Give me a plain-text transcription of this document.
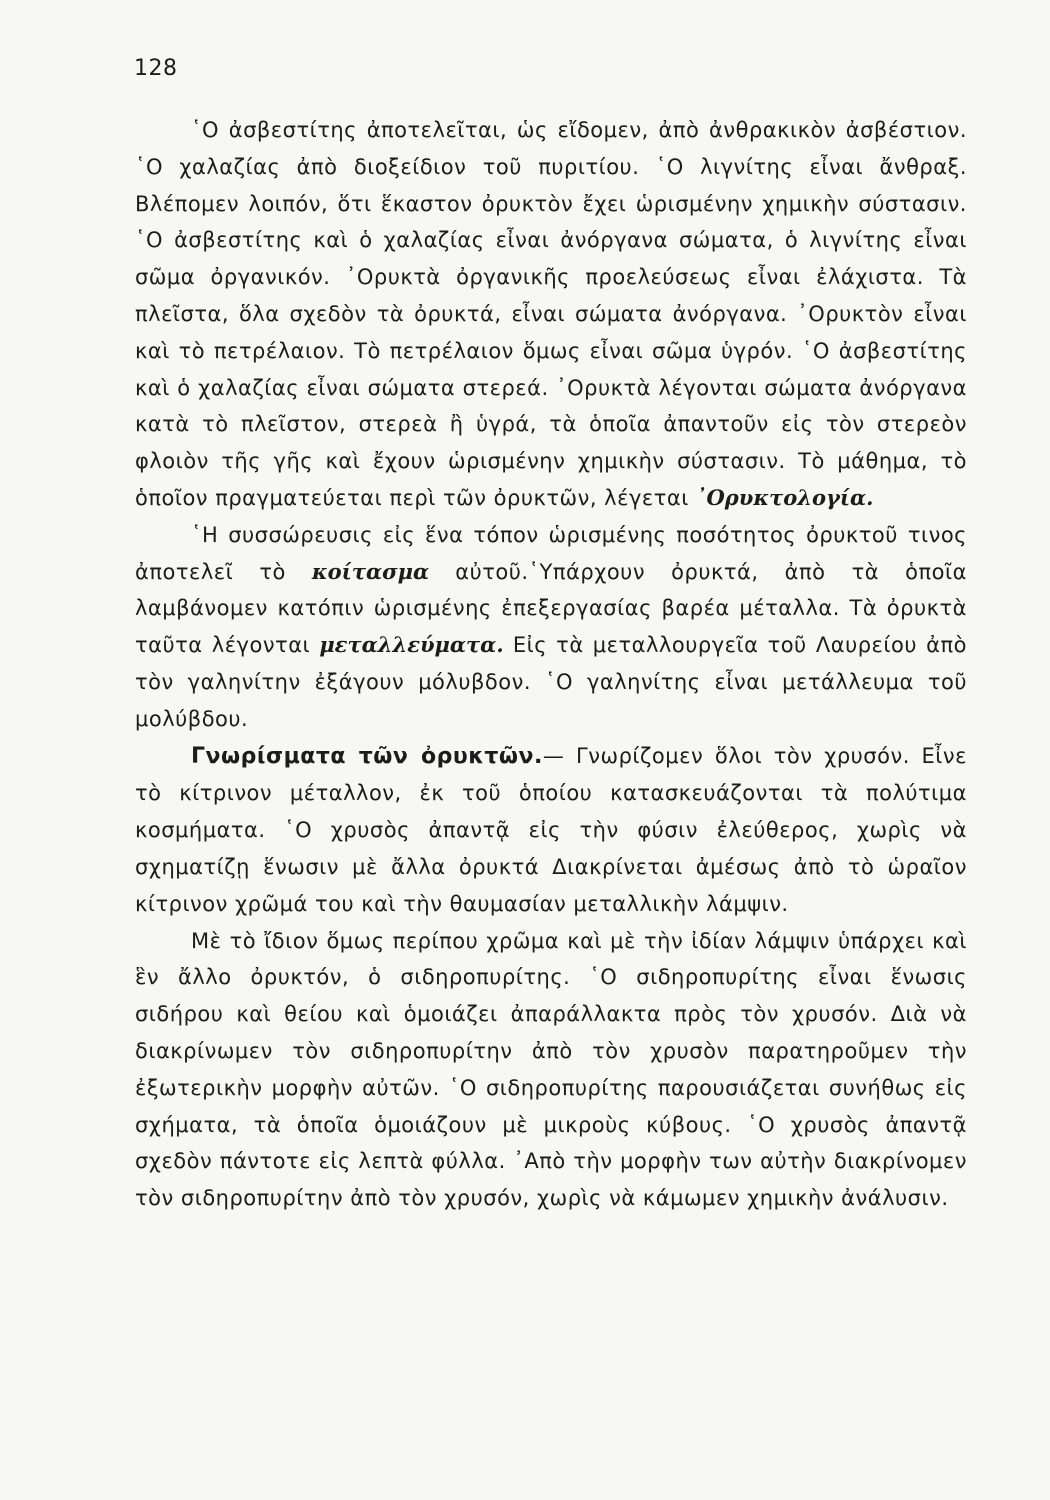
128

῾Ο ἀσβεστίτης ἀποτελεῖται, ὡς εἴδομεν, ἀπὸ ἀνθρακικὸν ἀσβέστιον. ῾Ο χαλαζίας ἀπὸ διοξείδιον τοῦ πυριτίου. ῾Ο λιγνίτης εἶναι ἄνθραξ. Βλέπομεν λοιπόν, ὅτι ἕκαστον ὀρυκτὸν ἔχει ὡρισμένην χημικὴν σύστασιν. ῾Ο ἀσβεστίτης καὶ ὁ χαλαζίας εἶναι ἀνόργανα σώματα, ὁ λιγνίτης εἶναι σῶμα ὀργανικόν. ᾿Ορυκτὰ ὀργανικῆς προελεύσεως εἶναι ἐλάχιστα. Τὰ πλεῖστα, ὅλα σχεδὸν τὰ ὀρυκτά, εἶναι σώματα ἀνόργανα. ᾿Ορυκτὸν εἶναι καὶ τὸ πετρέλαιον. Τὸ πετρέλαιον ὅμως εἶναι σῶμα ὑγρόν. ῾Ο ἀσβεστίτης καὶ ὁ χαλαζίας εἶναι σώματα στερεά. ᾿Ορυκτὰ λέγονται σώματα ἀνόργανα κατὰ τὸ πλεῖστον, στερεὰ ἢ ὑγρά, τὰ ὁποῖα ἀπαντοῦν εἰς τὸν στερεὸν φλοιὸν τῆς γῆς καὶ ἔχουν ὡρισμένην χημικὴν σύστασιν. Τὸ μάθημα, τὸ ὁποῖον πραγματεύεται περὶ τῶν ὀρυκτῶν, λέγεται ᾿Ορυκτολογία.

῾Η συσσώρευσις εἰς ἕνα τόπον ὡρισμένης ποσότητος ὀρυκτοῦ τινος ἀποτελεῖ τὸ κοίτασμα αὐτοῦ.῾Υπάρχουν ὀρυκτά, ἀπὸ τὰ ὁποῖα λαμβάνομεν κατόπιν ὡρισμένης ἐπεξεργασίας βαρέα μέταλλα. Τὰ ὀρυκτὰ ταῦτα λέγονται μεταλλεύματα. Εἰς τὰ μεταλλουργεῖα τοῦ Λαυρείου ἀπὸ τὸν γαληνίτην ἐξάγουν μόλυβδον. ῾Ο γαληνίτης εἶναι μετάλλευμα τοῦ μολύβδου.

Γνωρίσματα τῶν ὀρυκτῶν.— Γνωρίζομεν ὅλοι τὸν χρυσόν. Εἶνε τὸ κίτρινον μέταλλον, ἐκ τοῦ ὁποίου κατασκευάζονται τὰ πολύτιμα κοσμήματα. ῾Ο χρυσὸς ἀπαντᾷ εἰς τὴν φύσιν ἐλεύθερος, χωρὶς νὰ σχηματίζῃ ἕνωσιν μὲ ἄλλα ὀρυκτά Διακρίνεται ἀμέσως ἀπὸ τὸ ὡραῖον κίτρινον χρῶμά του καὶ τὴν θαυμασίαν μεταλλικὴν λάμψιν.

Μὲ τὸ ἴδιον ὅμως περίπου χρῶμα καὶ μὲ τὴν ἰδίαν λάμψιν ὑπάρχει καὶ ἓν ἄλλο ὀρυκτόν, ὁ σιδηροπυρίτης. ῾Ο σιδηροπυρίτης εἶναι ἕνωσις σιδήρου καὶ θείου καὶ ὁμοιάζει ἀπαράλλακτα πρὸς τὸν χρυσόν. Διὰ νὰ διακρίνωμεν τὸν σιδηροπυρίτην ἀπὸ τὸν χρυσὸν παρατηροῦμεν τὴν ἐξωτερικὴν μορφὴν αὐτῶν. ῾Ο σιδηροπυρίτης παρουσιάζεται συνήθως εἰς σχήματα, τὰ ὁποῖα ὁμοιάζουν μὲ μικροὺς κύβους. ῾Ο χρυσὸς ἀπαντᾷ σχεδὸν πάντοτε εἰς λεπτὰ φύλλα. ᾿Απὸ τὴν μορφὴν των αὐτὴν διακρίνομεν τὸν σιδηροπυρίτην ἀπὸ τὸν χρυσόν, χωρὶς νὰ κάμωμεν χημικὴν ἀνάλυσιν.
